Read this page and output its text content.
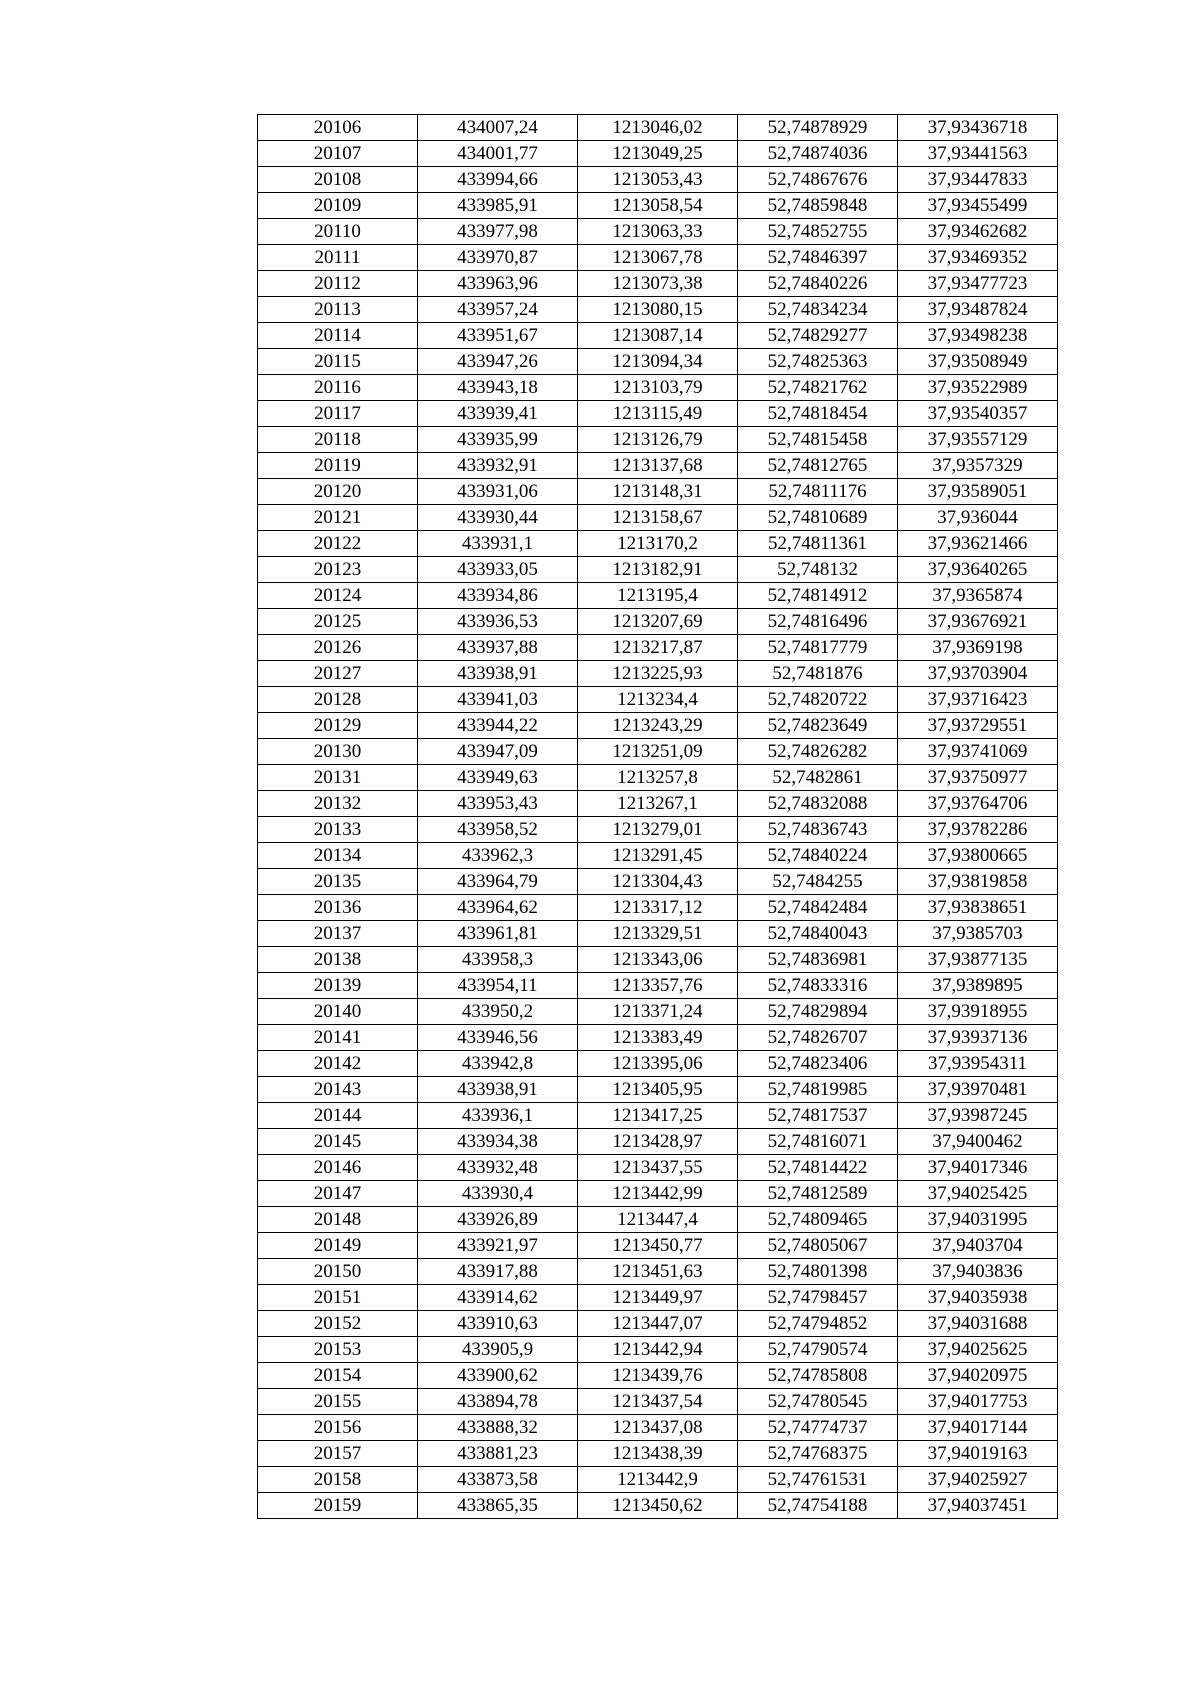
20106	434007,24	1213046,02	52,74878929	37,93436718
20107	434001,77	1213049,25	52,74874036	37,93441563
20108	433994,66	1213053,43	52,74867676	37,93447833
20109	433985,91	1213058,54	52,74859848	37,93455499
20110	433977,98	1213063,33	52,74852755	37,93462682
20111	433970,87	1213067,78	52,74846397	37,93469352
20112	433963,96	1213073,38	52,74840226	37,93477723
20113	433957,24	1213080,15	52,74834234	37,93487824
20114	433951,67	1213087,14	52,74829277	37,93498238
20115	433947,26	1213094,34	52,74825363	37,93508949
20116	433943,18	1213103,79	52,74821762	37,93522989
20117	433939,41	1213115,49	52,74818454	37,93540357
20118	433935,99	1213126,79	52,74815458	37,93557129
20119	433932,91	1213137,68	52,74812765	37,9357329
20120	433931,06	1213148,31	52,74811176	37,93589051
20121	433930,44	1213158,67	52,74810689	37,936044
20122	433931,1	1213170,2	52,74811361	37,93621466
20123	433933,05	1213182,91	52,748132	37,93640265
20124	433934,86	1213195,4	52,74814912	37,9365874
20125	433936,53	1213207,69	52,74816496	37,93676921
20126	433937,88	1213217,87	52,74817779	37,9369198
20127	433938,91	1213225,93	52,7481876	37,93703904
20128	433941,03	1213234,4	52,74820722	37,93716423
20129	433944,22	1213243,29	52,74823649	37,93729551
20130	433947,09	1213251,09	52,74826282	37,93741069
20131	433949,63	1213257,8	52,7482861	37,93750977
20132	433953,43	1213267,1	52,74832088	37,93764706
20133	433958,52	1213279,01	52,74836743	37,93782286
20134	433962,3	1213291,45	52,74840224	37,93800665
20135	433964,79	1213304,43	52,7484255	37,93819858
20136	433964,62	1213317,12	52,74842484	37,93838651
20137	433961,81	1213329,51	52,74840043	37,9385703
20138	433958,3	1213343,06	52,74836981	37,93877135
20139	433954,11	1213357,76	52,74833316	37,9389895
20140	433950,2	1213371,24	52,74829894	37,93918955
20141	433946,56	1213383,49	52,74826707	37,93937136
20142	433942,8	1213395,06	52,74823406	37,93954311
20143	433938,91	1213405,95	52,74819985	37,93970481
20144	433936,1	1213417,25	52,74817537	37,93987245
20145	433934,38	1213428,97	52,74816071	37,9400462
20146	433932,48	1213437,55	52,74814422	37,94017346
20147	433930,4	1213442,99	52,74812589	37,94025425
20148	433926,89	1213447,4	52,74809465	37,94031995
20149	433921,97	1213450,77	52,74805067	37,9403704
20150	433917,88	1213451,63	52,74801398	37,9403836
20151	433914,62	1213449,97	52,74798457	37,94035938
20152	433910,63	1213447,07	52,74794852	37,94031688
20153	433905,9	1213442,94	52,74790574	37,94025625
20154	433900,62	1213439,76	52,74785808	37,94020975
20155	433894,78	1213437,54	52,74780545	37,94017753
20156	433888,32	1213437,08	52,74774737	37,94017144
20157	433881,23	1213438,39	52,74768375	37,94019163
20158	433873,58	1213442,9	52,74761531	37,94025927
20159	433865,35	1213450,62	52,74754188	37,94037451
